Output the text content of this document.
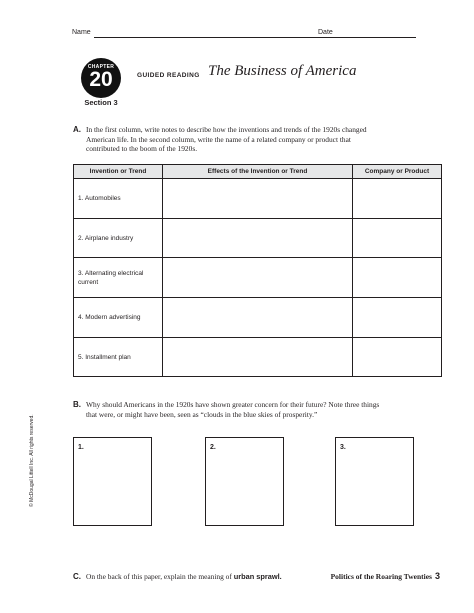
Name	Date
CHAPTER
20
Section 3
GUIDED READING The Business of America
A. In the first column, write notes to describe how the inventions and trends of the 1920s changed American life. In the second column, write the name of a related company or product that contributed to the boom of the 1920s.
Invention or Trend	Effects of the Invention or Trend	Company or Product
1. Automobiles		
2. Airplane industry		
3. Alternating electrical current		
4. Modern advertising		
5. Installment plan		
B. Why should Americans in the 1920s have shown greater concern for their future? Note three things that were, or might have been, seen as “clouds in the blue skies of prosperity.”
1.	2.	3.
C. On the back of this paper, explain the meaning of urban sprawl.
© McDougal Littell Inc. All rights reserved.
Politics of the Roaring Twenties 3
